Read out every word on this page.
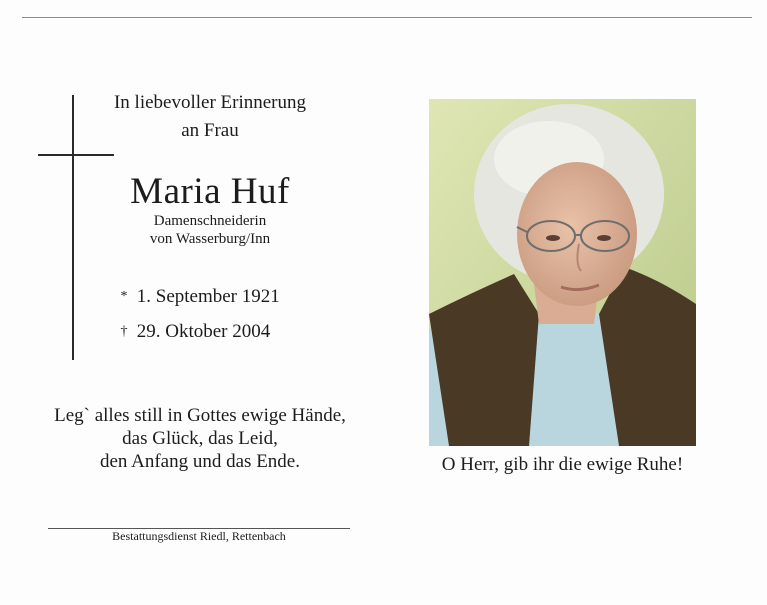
In liebevoller Erinnerung
an Frau
Maria Huf
Damenschneiderin
von Wasserburg/Inn
* 1. September 1921
† 29. Oktober 2004
Leg` alles still in Gottes ewige Hände,
das Glück, das Leid,
den Anfang und das Ende.
Bestattungsdienst Riedl, Rettenbach
O Herr, gib ihr die ewige Ruhe!
